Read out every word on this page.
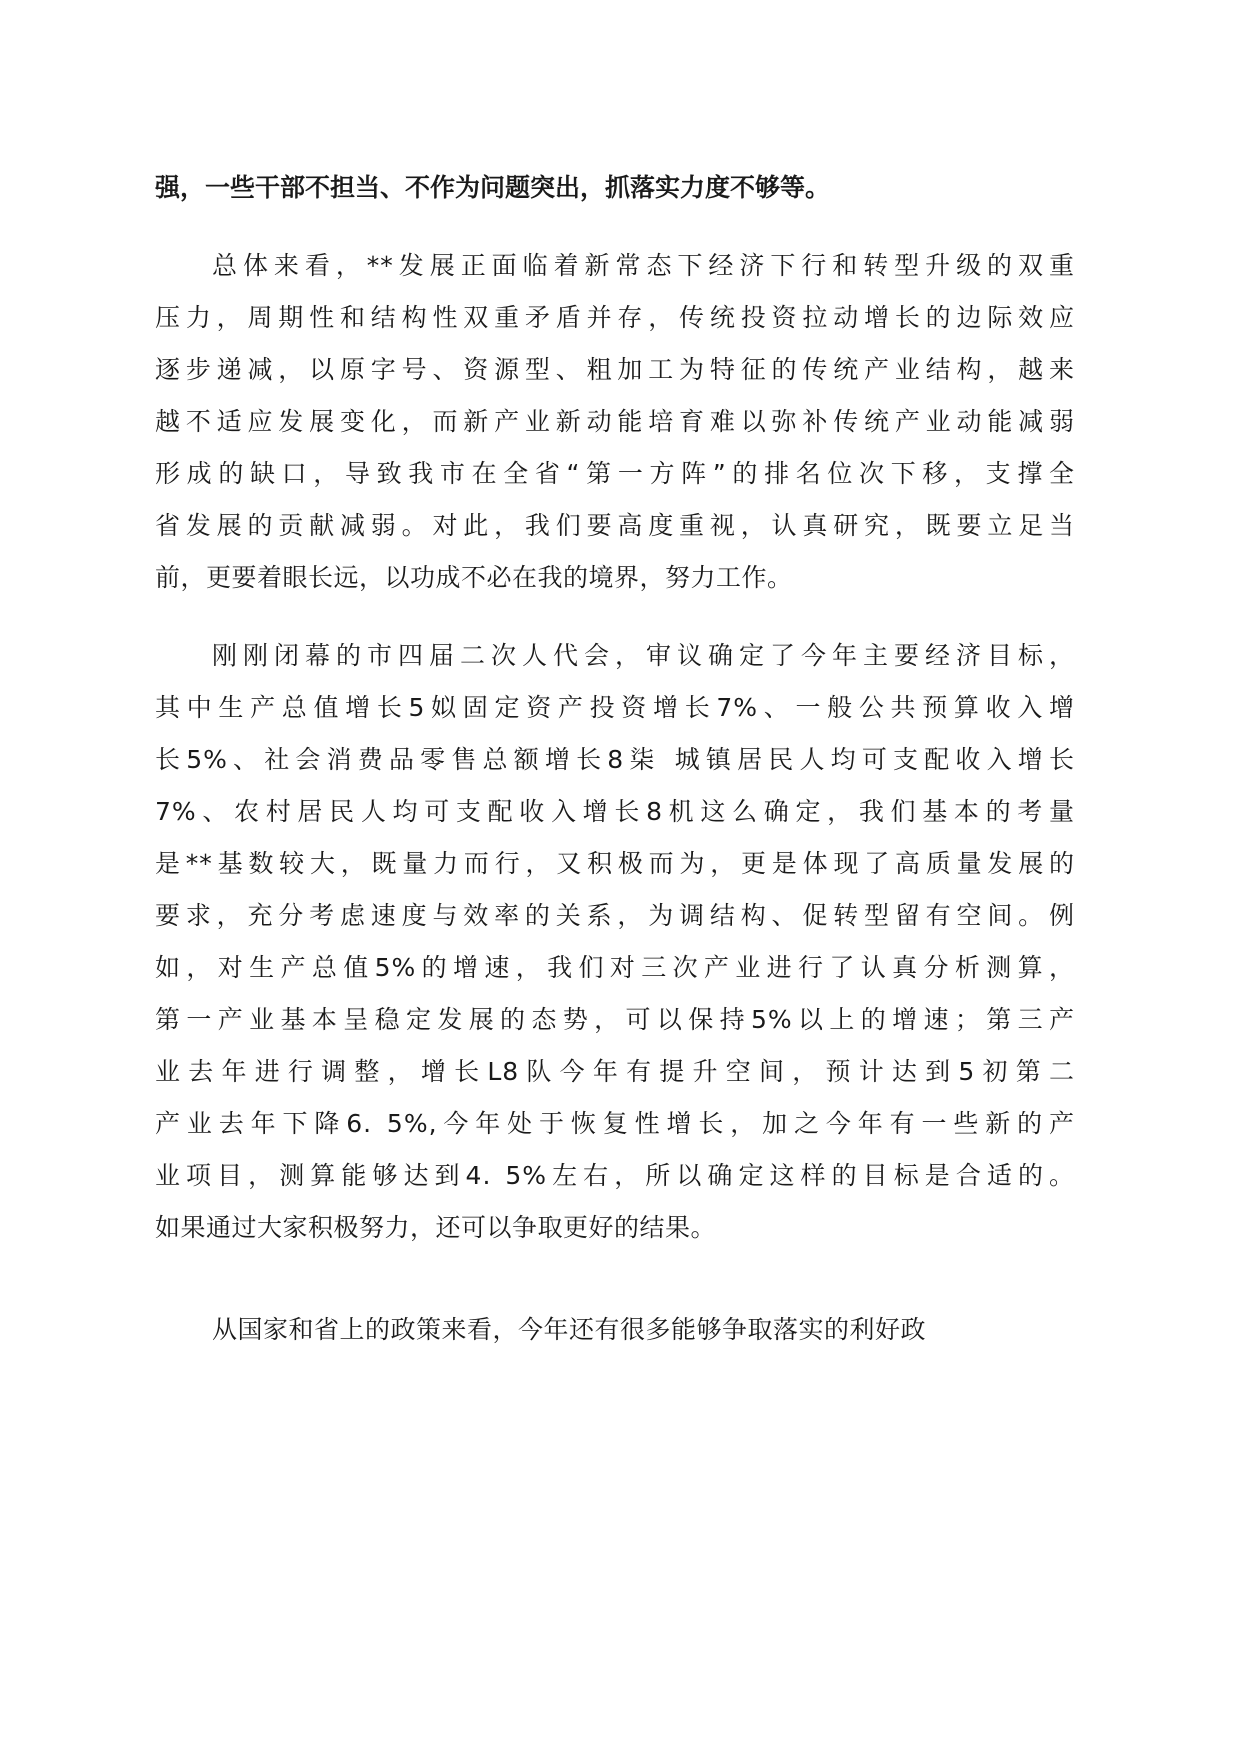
强，一些干部不担当、不作为问题突出，抓落实力度不够等。
总体来看，**发展正面临着新常态下经济下行和转型升级的双重
压力，周期性和结构性双重矛盾并存，传统投资拉动增长的边际效应
逐步递减，以原字号、资源型、粗加工为特征的传统产业结构，越来
越不适应发展变化，而新产业新动能培育难以弥补传统产业动能减弱
形成的缺口，导致我市在全省“第一方阵”的排名位次下移，支撑全
省发展的贡献减弱。对此，我们要高度重视，认真研究，既要立足当
前，更要着眼长远，以功成不必在我的境界，努力工作。
刚刚闭幕的市四届二次人代会，审议确定了今年主要经济目标，
其中生产总值增长5姒固定资产投资增长7%、一般公共预算收入增
长5%、社会消费品零售总额增长8柒 城镇居民人均可支配收入增长
7%、农村居民人均可支配收入增长8机这么确定，我们基本的考量
是**基数较大，既量力而行，又积极而为，更是体现了高质量发展的
要求，充分考虑速度与效率的关系，为调结构、促转型留有空间。例
如，对生产总值5%的增速，我们对三次产业进行了认真分析测算，
第一产业基本呈稳定发展的态势，可以保持5%以上的增速；第三产
业去年进行调整，增长L8队今年有提升空间，预计达到5初第二
产业去年下降6. 5%,今年处于恢复性增长，加之今年有一些新的产
业项目，测算能够达到4. 5%左右，所以确定这样的目标是合适的。
如果通过大家积极努力，还可以争取更好的结果。
从国家和省上的政策来看，今年还有很多能够争取落实的利好政
